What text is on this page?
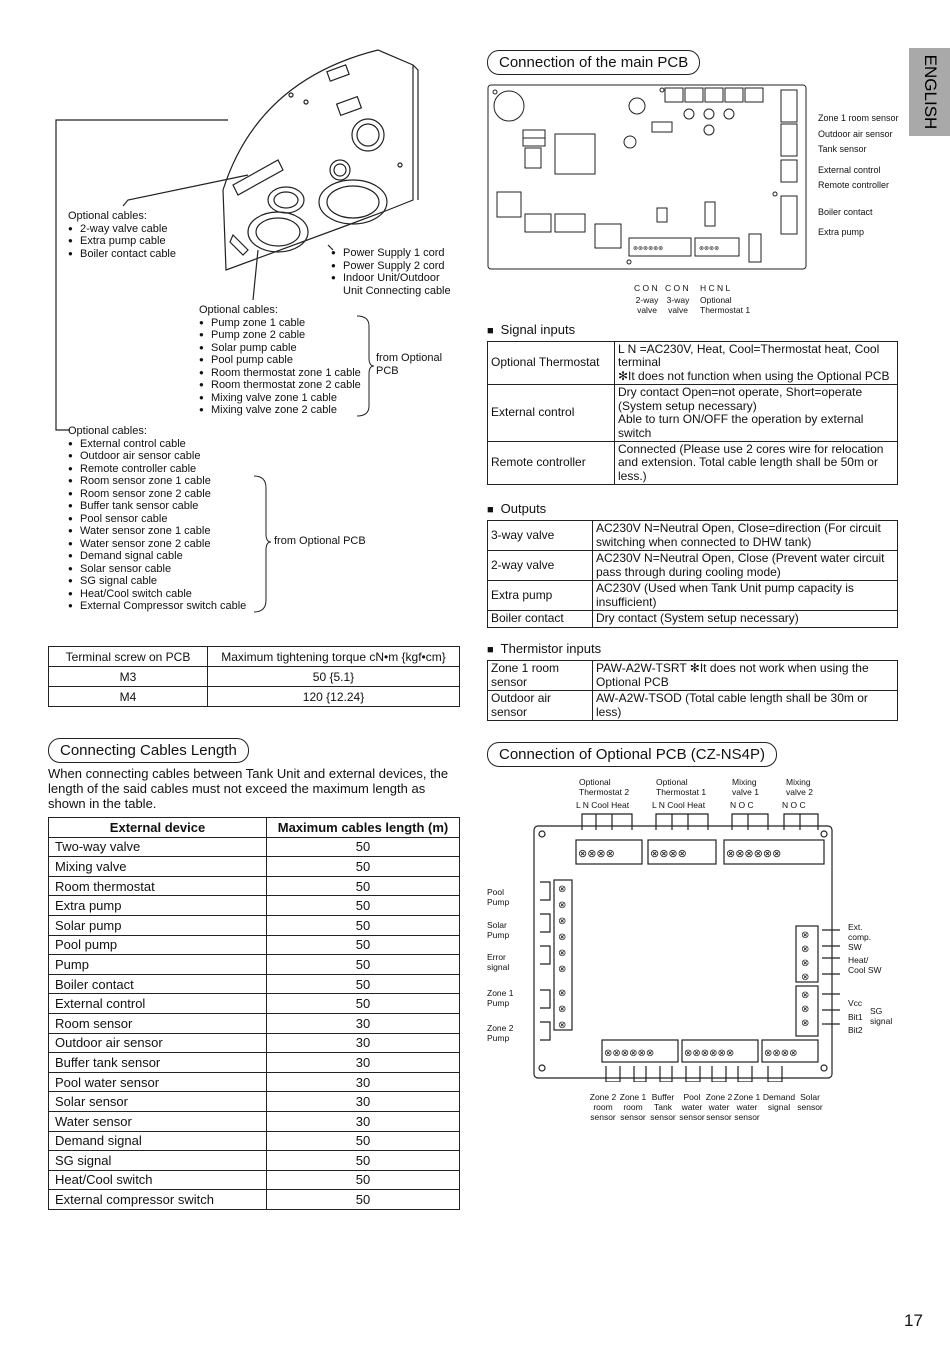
ENGLISH
Optional cables:
● 2-way valve cable
● Extra pump cable
● Boiler contact cable	● Power Supply 1 cord
● Power Supply 2 cord
● Indoor Unit/Outdoor Unit Connecting cable
Optional cables:
● Pump zone 1 cable
● Pump zone 2 cable
● Solar pump cable
● Pool pump cable
● Room thermostat zone 1 cable
● Room thermostat zone 2 cable
● Mixing valve zone 1 cable
● Mixing valve zone 2 cable
from Optional PCB
Optional cables:
● External control cable
● Outdoor air sensor cable
● Remote controller cable
● Room sensor zone 1 cable
● Room sensor zone 2 cable
● Buffer tank sensor cable
● Pool sensor cable
● Water sensor zone 1 cable
● Water sensor zone 2 cable
● Demand signal cable
● Solar sensor cable
● SG signal cable
● Heat/Cool switch cable
● External Compressor switch cable
from Optional PCB
Terminal screw on PCB	Maximum tightening torque cN•m {kgf•cm}
M3	50 {5.1}
M4	120 {12.24}
Connecting Cables Length
When connecting cables between Tank Unit and external devices, the length of the said cables must not exceed the maximum length as shown in the table.
External device	Maximum cables length (m)
Two-way valve	50
Mixing valve	50
Room thermostat	50
Extra pump	50
Solar pump	50
Pool pump	50
Pump	50
Boiler contact	50
External control	50
Room sensor	30
Outdoor air sensor	30
Buffer tank sensor	30
Pool water sensor	30
Solar sensor	30
Water sensor	30
Demand signal	50
SG signal	50
Heat/Cool switch	50
External compressor switch	50
Connection of the main PCB
⊗⊗⊗⊗⊗⊗	⊗⊗⊗⊗
Zone 1 room sensor
Outdoor air sensor
Tank sensor
External control
Remote controller
Boiler contact
Extra pump
C O N C O N H C N L
2-way valve
3-way valve
Optional Thermostat 1
■ Signal inputs
Optional Thermostat	L N =AC230V, Heat, Cool=Thermostat heat, Cool terminal
✻It does not function when using the Optional PCB
External control	Dry contact Open=not operate, Short=operate (System setup necessary)
Able to turn ON/OFF the operation by external switch
Remote controller	Connected (Please use 2 cores wire for relocation and extension. Total cable length shall be 50m or less.)
■ Outputs
3-way valve	AC230V N=Neutral Open, Close=direction (For circuit switching when connected to DHW tank)
2-way valve	AC230V N=Neutral Open, Close (Prevent water circuit pass through during cooling mode)
Extra pump	AC230V (Used when Tank Unit pump capacity is insufficient)
Boiler contact	Dry contact (System setup necessary)
■ Thermistor inputs
Zone 1 room sensor	PAW-A2W-TSRT ✻It does not work when using the Optional PCB
Outdoor air sensor	AW-A2W-TSOD (Total cable length shall be 30m or less)
Connection of Optional PCB (CZ-NS4P)
Optional Thermostat 2
L N Cool Heat
Optional Thermostat 1
L N Cool Heat
Mixing valve 1
N O C
Mixing valve 2
N O C
⊗⊗⊗⊗	⊗⊗⊗⊗	⊗⊗⊗⊗⊗⊗
⊗⊗⊗⊗⊗⊗	⊗⊗⊗⊗⊗⊗	⊗⊗⊗⊗
⊗
⊗
⊗
⊗
⊗
⊗
⊗
⊗
⊗
⊗
⊗
⊗
⊗
⊗
⊗
⊗
Pool Pump
Solar Pump
Error signal
Zone 1 Pump
Zone 2 Pump
Ext. comp. SW
Heat/ Cool SW
Vcc
Bit1
Bit2
SG signal
Zone 2 room sensor
Zone 1 room sensor
Buffer Tank sensor
Pool water sensor
Zone 2 water sensor
Zone 1 water sensor
Demand signal
Solar sensor
17
